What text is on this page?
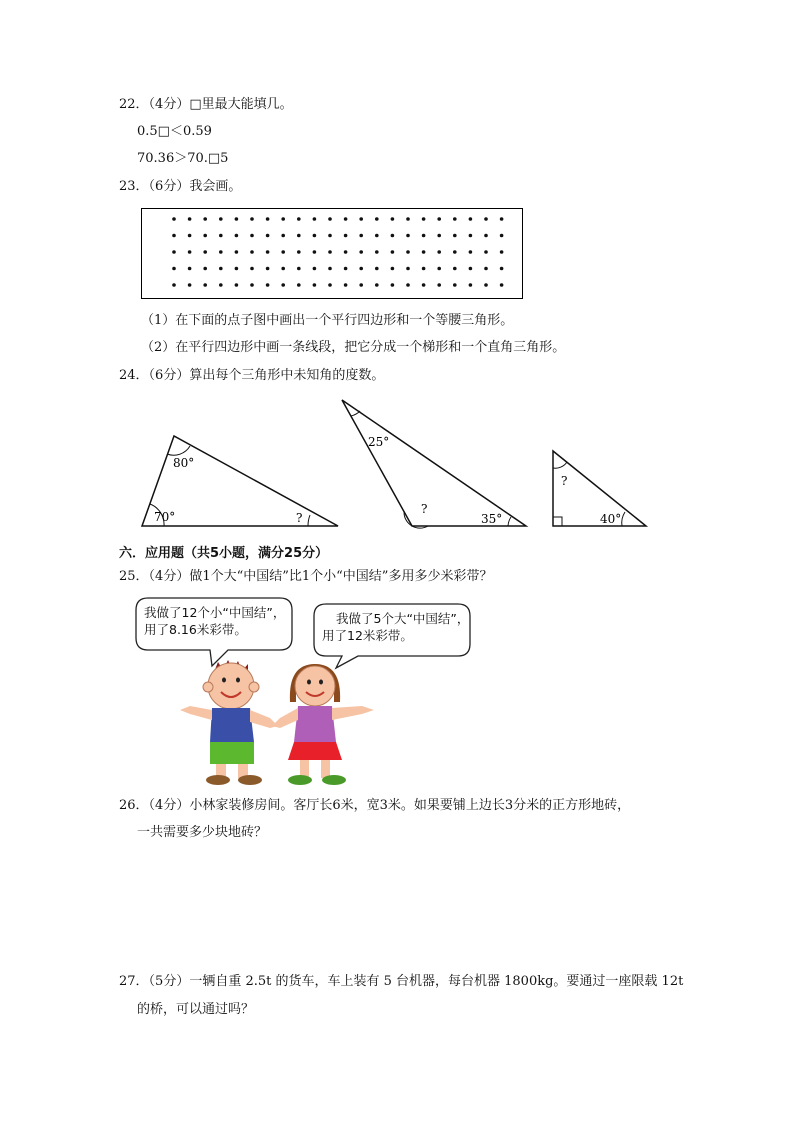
22．（4分）□里最大能填几。
0.5□＜0.59
70.36＞70.□5
23．（6分）我会画。
（1）在下面的点子图中画出一个平行四边形和一个等腰三角形。
（2）在平行四边形中画一条线段，把它分成一个梯形和一个直角三角形。
24．（6分）算出每个三角形中未知角的度数。
80°
70°	?
25°
?
35°
?
40°
六．应用题（共5小题，满分25分）
25．（4分）做1个大“中国结”比1个小“中国结”多用多少米彩带？
我做了12个小“中国结”，用了8.16米彩带。
我做了5个大“中国结”，用了12米彩带。
26．（4分）小林家装修房间。客厅长6米，宽3米。如果要铺上边长3分米的正方形地砖，
一共需要多少块地砖？
27．（5分）一辆自重 2.5t 的货车，车上装有 5 台机器，每台机器 1800kg。要通过一座限载 12t
的桥，可以通过吗？
